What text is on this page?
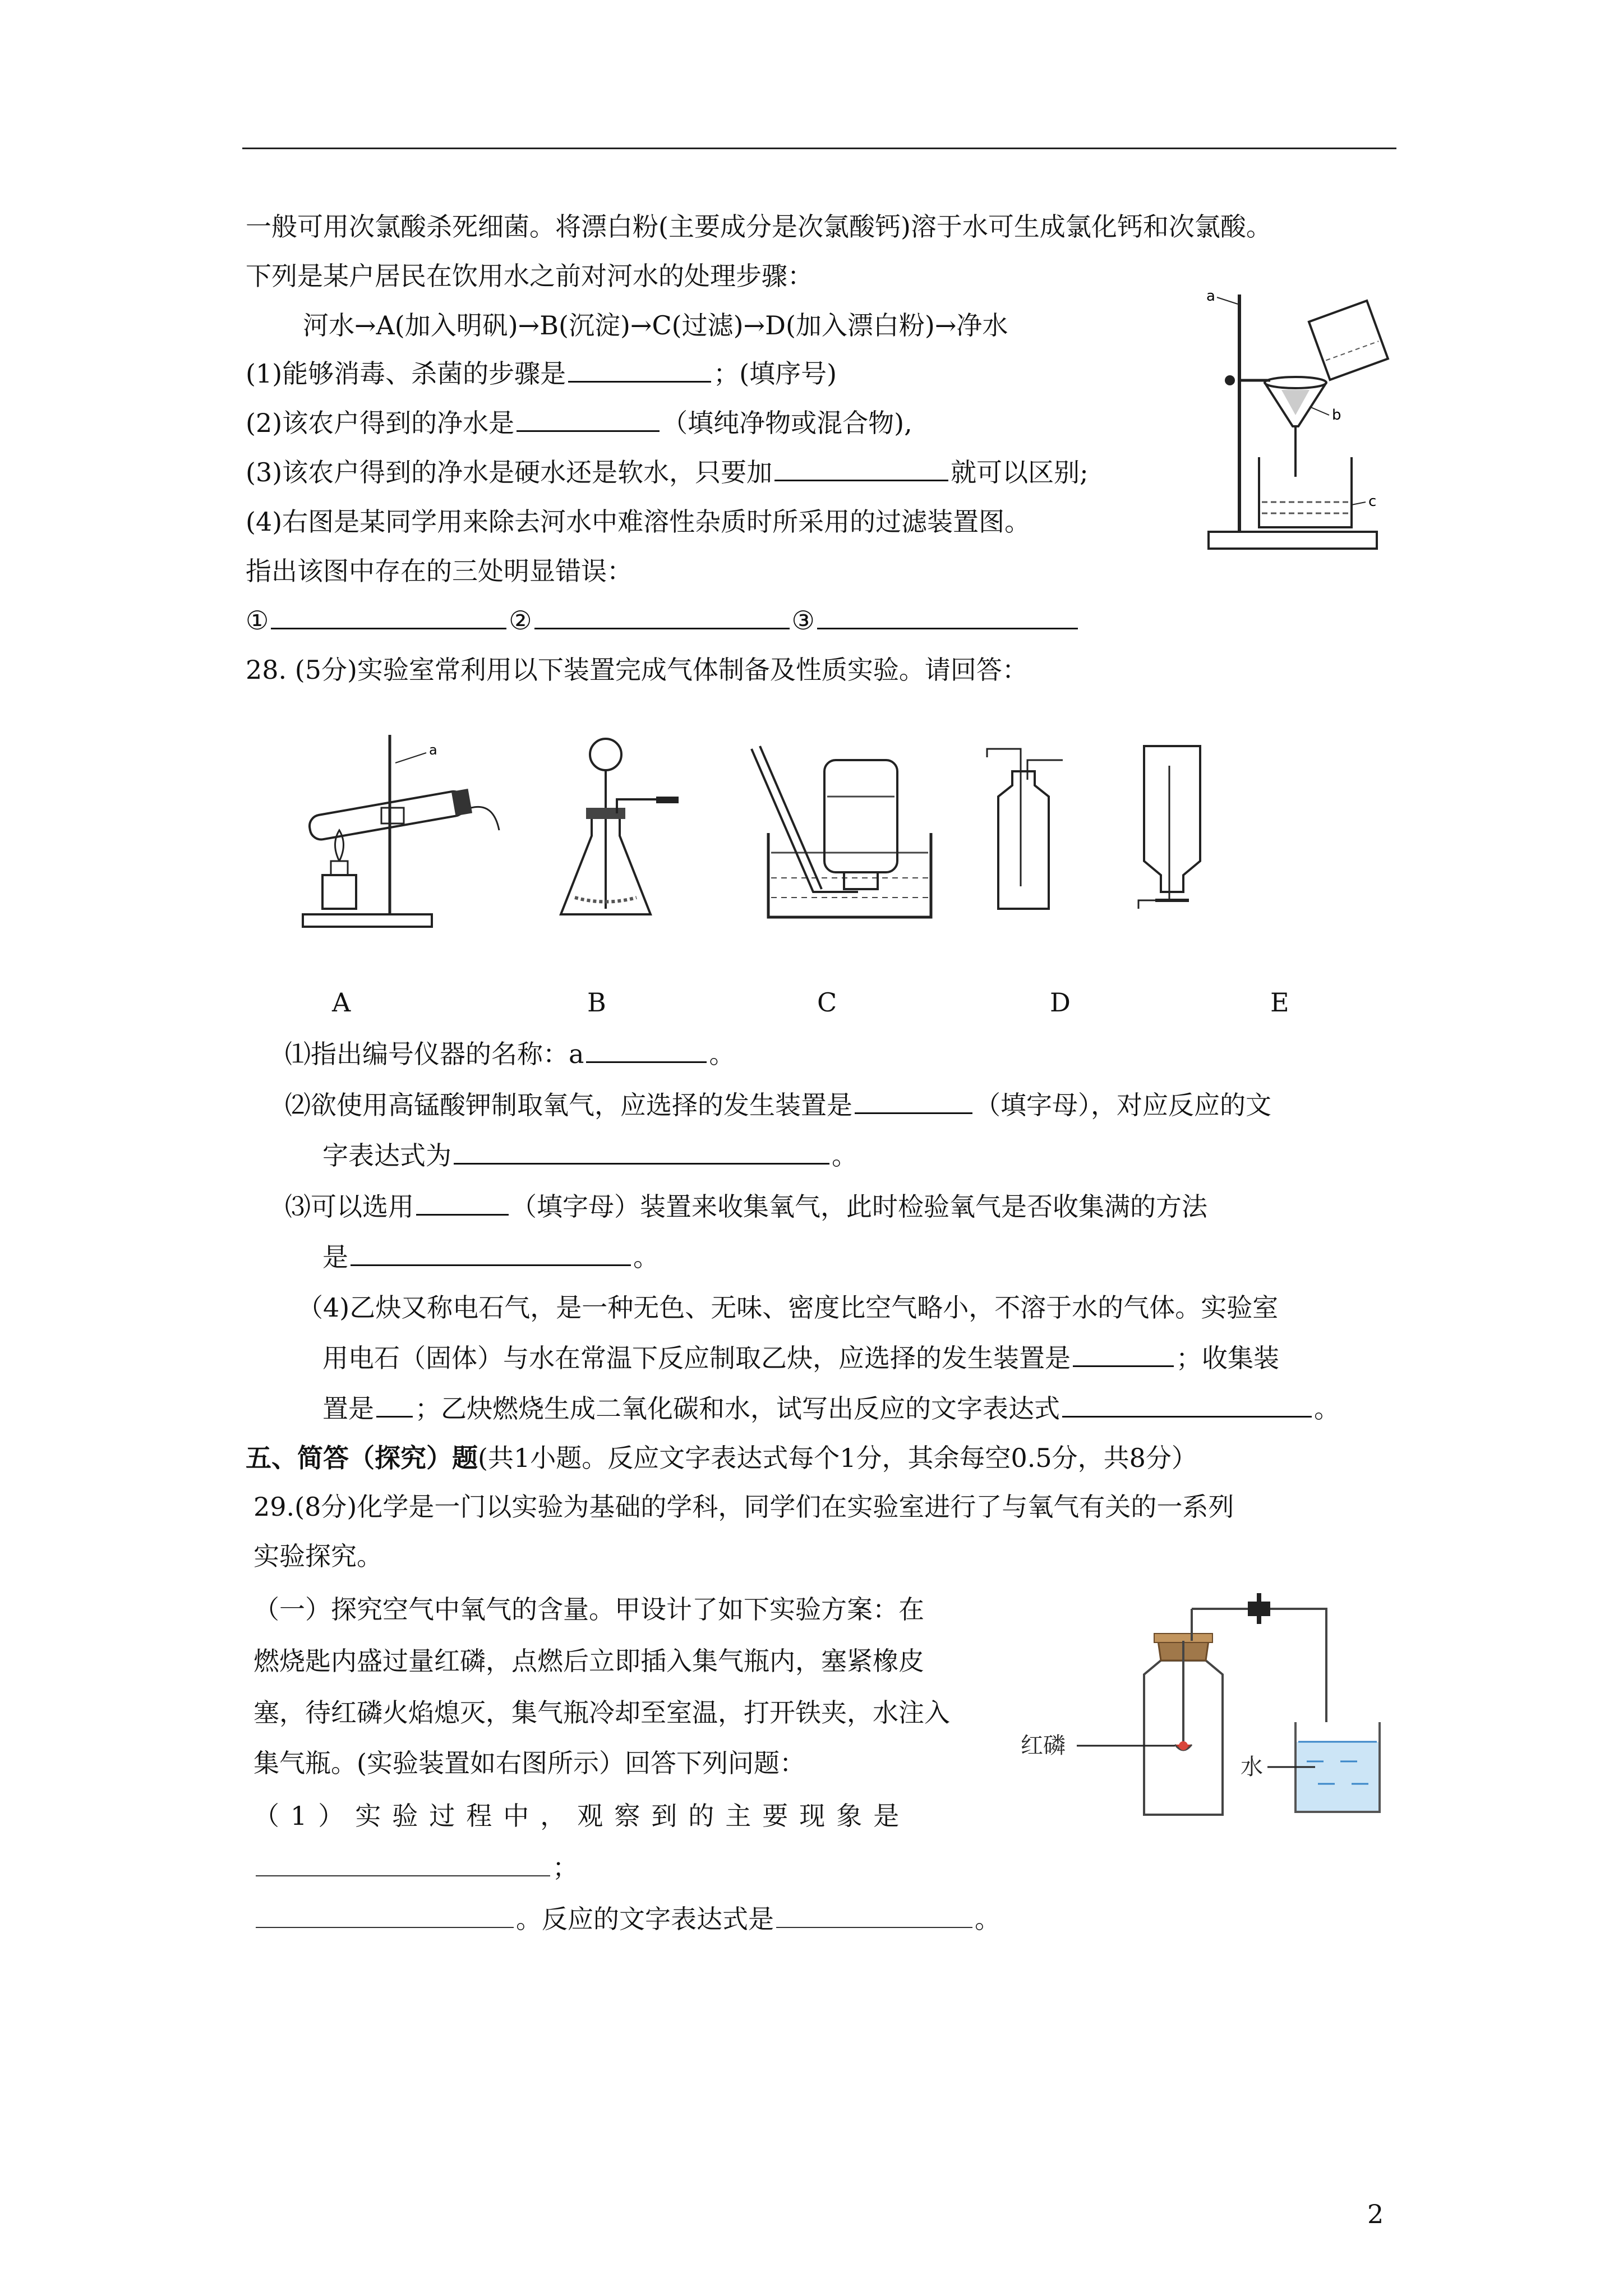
一般可用次氯酸杀死细菌。将漂白粉(主要成分是次氯酸钙)溶于水可生成氯化钙和次氯酸。
下列是某户居民在饮用水之前对河水的处理步骤：
河水→A(加入明矾)→B(沉淀)→C(过滤)→D(加入漂白粉)→净水
(1)能够消毒、杀菌的步骤是	；(填序号)
(2)该农户得到的净水是	（填纯净物或混合物),
(3)该农户得到的净水是硬水还是软水，只要加	就可以区别;
(4)右图是某同学用来除去河水中难溶性杂质时所采用的过滤装置图。
指出该图中存在的三处明显错误：
①	②	③
a
b
c
28. (5分)实验室常利用以下装置完成气体制备及性质实验。请回答：
a
A	B	C	D	E
⑴指出编号仪器的名称：a	。
⑵欲使用高锰酸钾制取氧气，应选择的发生装置是	（填字母），对应反应的文
字表达式为	。
⑶可以选用	（填字母）装置来收集氧气，此时检验氧气是否收集满的方法
是	。
（4)乙炔又称电石气，是一种无色、无味、密度比空气略小，不溶于水的气体。实验室
用电石（固体）与水在常温下反应制取乙炔，应选择的发生装置是	；收集装
置是 ；乙炔燃烧生成二氧化碳和水，试写出反应的文字表达式	。
五、简答（探究）题(共1小题。反应文字表达式每个1分，其余每空0.5分，共8分）
29.(8分)化学是一门以实验为基础的学科，同学们在实验室进行了与氧气有关的一系列
实验探究。
（一）探究空气中氧气的含量。甲设计了如下实验方案：在
燃烧匙内盛过量红磷，点燃后立即插入集气瓶内，塞紧橡皮
塞，待红磷火焰熄灭，集气瓶冷却至室温，打开铁夹，水注入
集气瓶。(实验装置如右图所示）回答下列问题：
（1）实验过程中，观察到的主要现象是
；
。反应的文字表达式是	。
红磷
水
2
